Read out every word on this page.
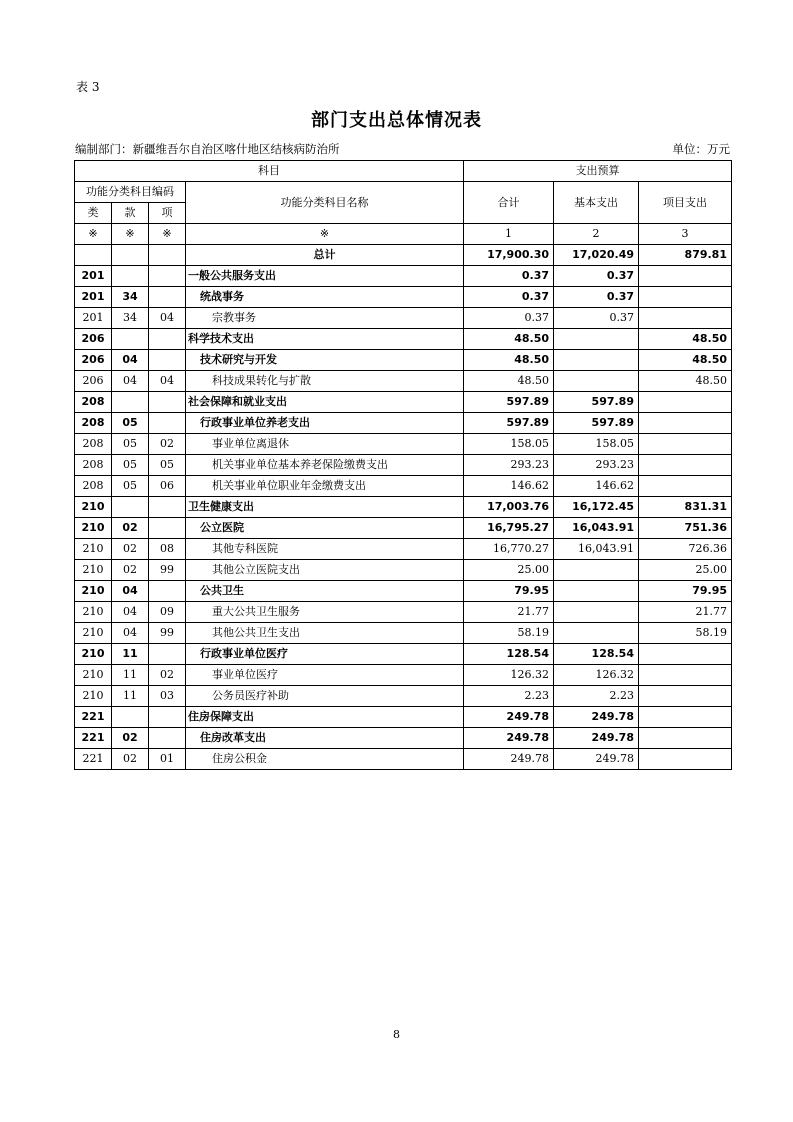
表 3
部门支出总体情况表
编制部门：新疆维吾尔自治区喀什地区结核病防治所	单位：万元
科目				支出预算		
功能分类科目编码			功能分类科目名称	合计	基本支出	项目支出
类	款	项				
※	※	※	※	1	2	3
			总计	17,900.30	17,020.49	879.81
201			一般公共服务支出	0.37	0.37	
201	34		统战事务	0.37	0.37	
201	34	04	宗教事务	0.37	0.37	
206			科学技术支出	48.50		48.50
206	04		技术研究与开发	48.50		48.50
206	04	04	科技成果转化与扩散	48.50		48.50
208			社会保障和就业支出	597.89	597.89	
208	05		行政事业单位养老支出	597.89	597.89	
208	05	02	事业单位离退休	158.05	158.05	
208	05	05	机关事业单位基本养老保险缴费支出	293.23	293.23	
208	05	06	机关事业单位职业年金缴费支出	146.62	146.62	
210			卫生健康支出	17,003.76	16,172.45	831.31
210	02		公立医院	16,795.27	16,043.91	751.36
210	02	08	其他专科医院	16,770.27	16,043.91	726.36
210	02	99	其他公立医院支出	25.00		25.00
210	04		公共卫生	79.95		79.95
210	04	09	重大公共卫生服务	21.77		21.77
210	04	99	其他公共卫生支出	58.19		58.19
210	11		行政事业单位医疗	128.54	128.54	
210	11	02	事业单位医疗	126.32	126.32	
210	11	03	公务员医疗补助	2.23	2.23	
221			住房保障支出	249.78	249.78	
221	02		住房改革支出	249.78	249.78	
221	02	01	住房公积金	249.78	249.78	
8
